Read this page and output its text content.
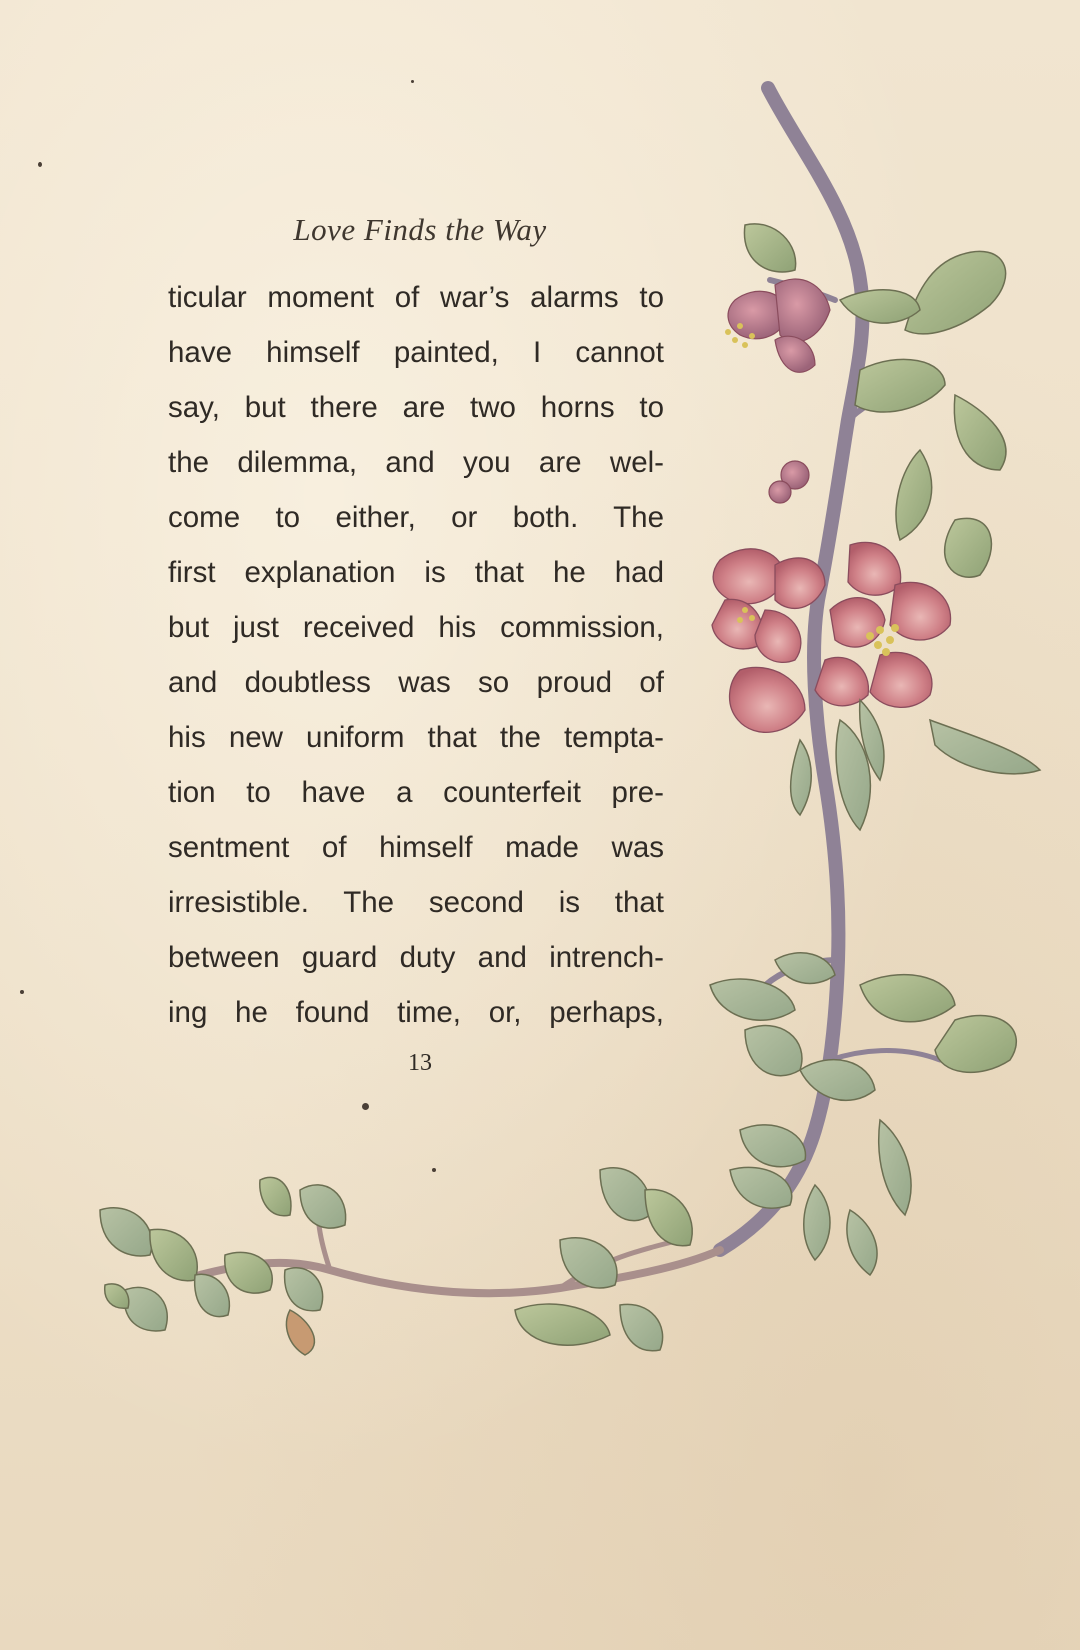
Love Finds the Way
ticular moment of war’s alarms to
have himself painted, I cannot
say, but there are two horns to
the dilemma, and you are wel-
come to either, or both. The
first explanation is that he had
but just received his commission,
and doubtless was so proud of
his new uniform that the tempta-
tion to have a counterfeit pre-
sentment of himself made was
irresistible. The second is that
between guard duty and intrench-
ing he found time, or, perhaps,
13
